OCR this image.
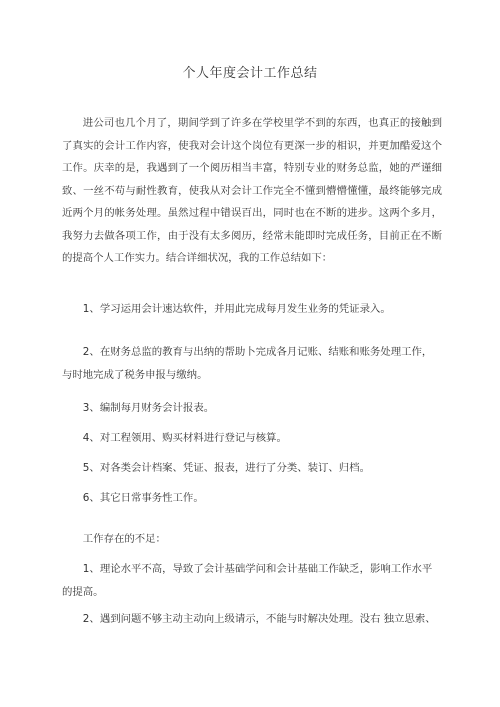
个人年度会计工作总结
进公司也几个月了，期间学到了许多在学校里学不到的东西，也真正的接触到了真实的会计工作内容，使我对会计这个岗位有更深一步的相识，并更加酷爱这个工作。庆幸的是，我遇到了一个阅历相当丰富，特别专业的财务总监，她的严谨细致、一丝不苟与耐性教育，使我从对会计工作完全不懂到懵懵懂懂，最终能够完成近两个月的帐务处理。虽然过程中错误百出，同时也在不断的进步。这两个多月，我努力去做各项工作，由于没有太多阅历，经常未能即时完成任务，目前正在不断的提高个人工作实力。结合详细状况，我的工作总结如下：
1、学习运用会计速达软件，并用此完成每月发生业务的凭证录入。
2、在财务总监的教育与出纳的帮助卜完成各月记账、结账和账务处理工作，与时地完成了税务申报与缴纳。
3、编制每月财务会计报表。
4、对工程领用、购买材料进行登记与核算。
5、对各类会计档案、凭证、报表，进行了分类、装订、归档。
6、其它日常事务性工作。
工作存在的不足：
1、理论水平不高，导致了会计基础学问和会计基础工作缺乏，影响工作水平的提高。
2、遇到问题不够主动主动向上级请示，不能与时解决处理。没右 独立思索、
